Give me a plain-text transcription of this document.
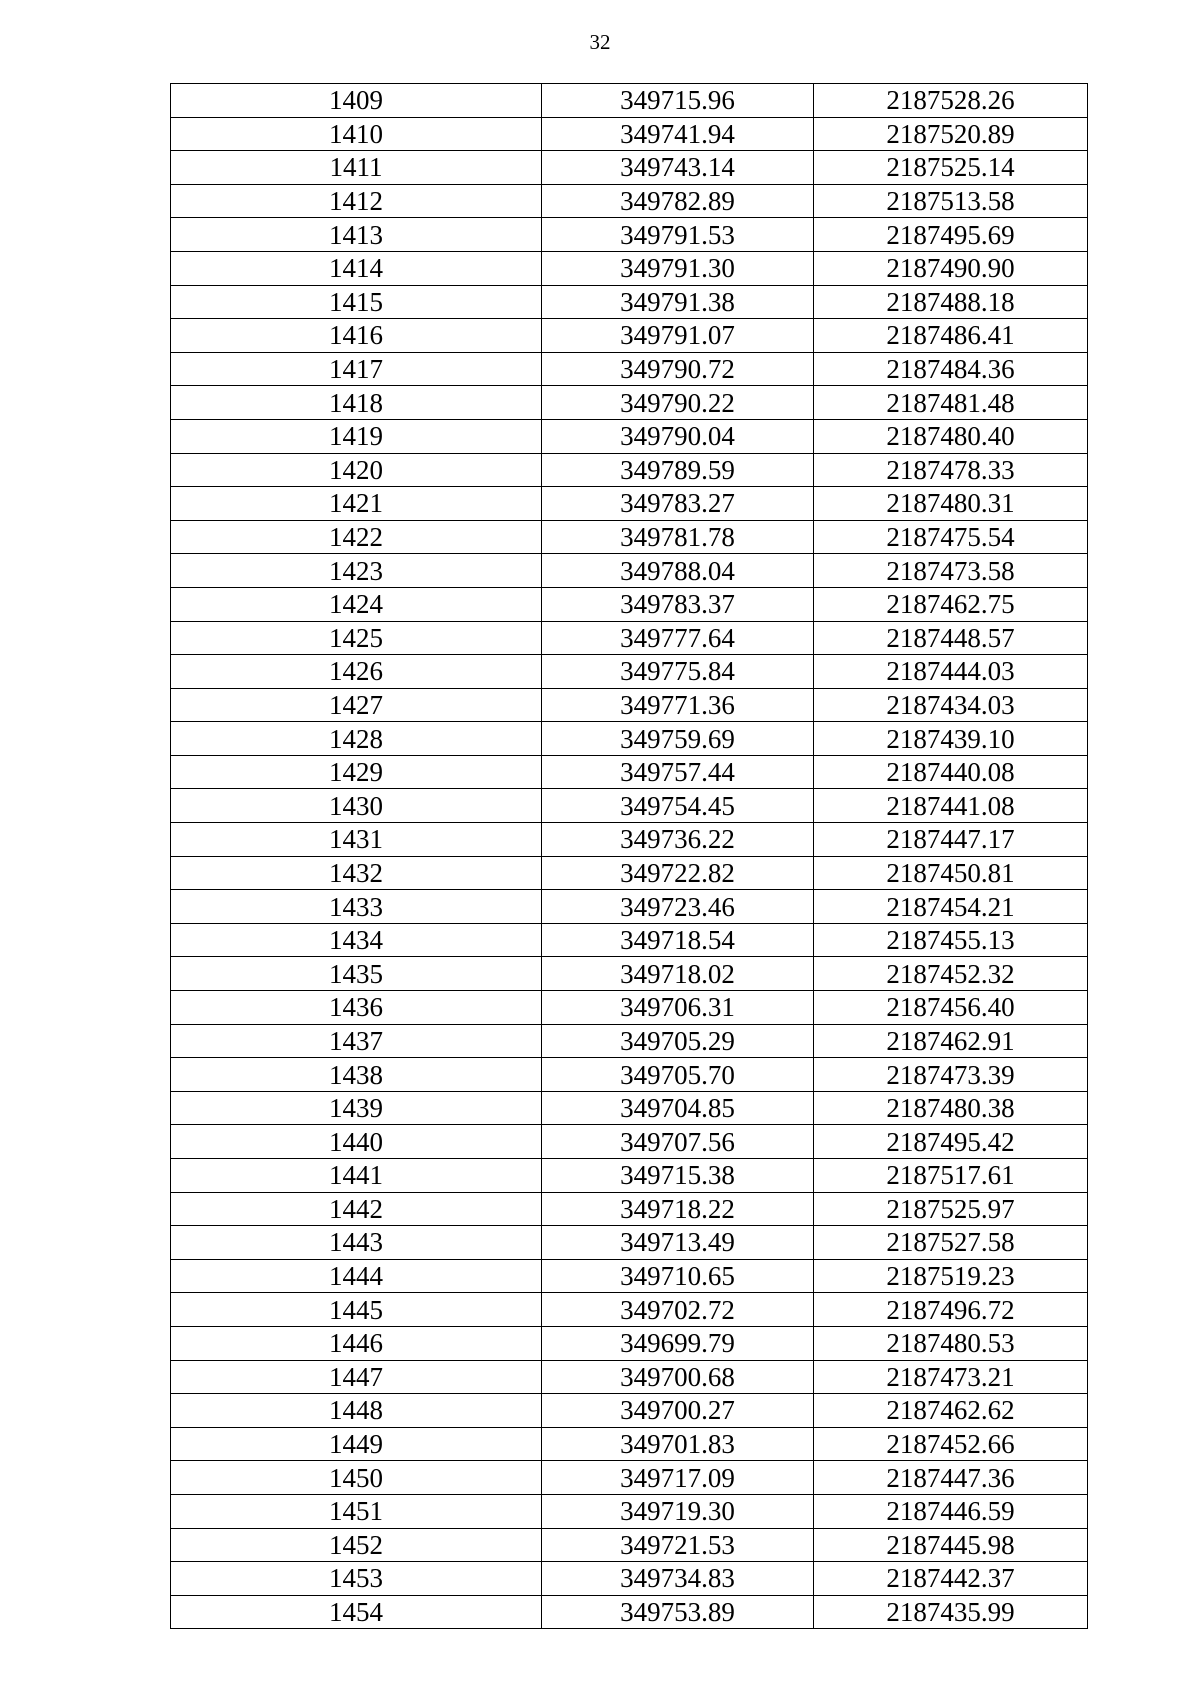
32
1409	349715.96	2187528.26
1410	349741.94	2187520.89
1411	349743.14	2187525.14
1412	349782.89	2187513.58
1413	349791.53	2187495.69
1414	349791.30	2187490.90
1415	349791.38	2187488.18
1416	349791.07	2187486.41
1417	349790.72	2187484.36
1418	349790.22	2187481.48
1419	349790.04	2187480.40
1420	349789.59	2187478.33
1421	349783.27	2187480.31
1422	349781.78	2187475.54
1423	349788.04	2187473.58
1424	349783.37	2187462.75
1425	349777.64	2187448.57
1426	349775.84	2187444.03
1427	349771.36	2187434.03
1428	349759.69	2187439.10
1429	349757.44	2187440.08
1430	349754.45	2187441.08
1431	349736.22	2187447.17
1432	349722.82	2187450.81
1433	349723.46	2187454.21
1434	349718.54	2187455.13
1435	349718.02	2187452.32
1436	349706.31	2187456.40
1437	349705.29	2187462.91
1438	349705.70	2187473.39
1439	349704.85	2187480.38
1440	349707.56	2187495.42
1441	349715.38	2187517.61
1442	349718.22	2187525.97
1443	349713.49	2187527.58
1444	349710.65	2187519.23
1445	349702.72	2187496.72
1446	349699.79	2187480.53
1447	349700.68	2187473.21
1448	349700.27	2187462.62
1449	349701.83	2187452.66
1450	349717.09	2187447.36
1451	349719.30	2187446.59
1452	349721.53	2187445.98
1453	349734.83	2187442.37
1454	349753.89	2187435.99
